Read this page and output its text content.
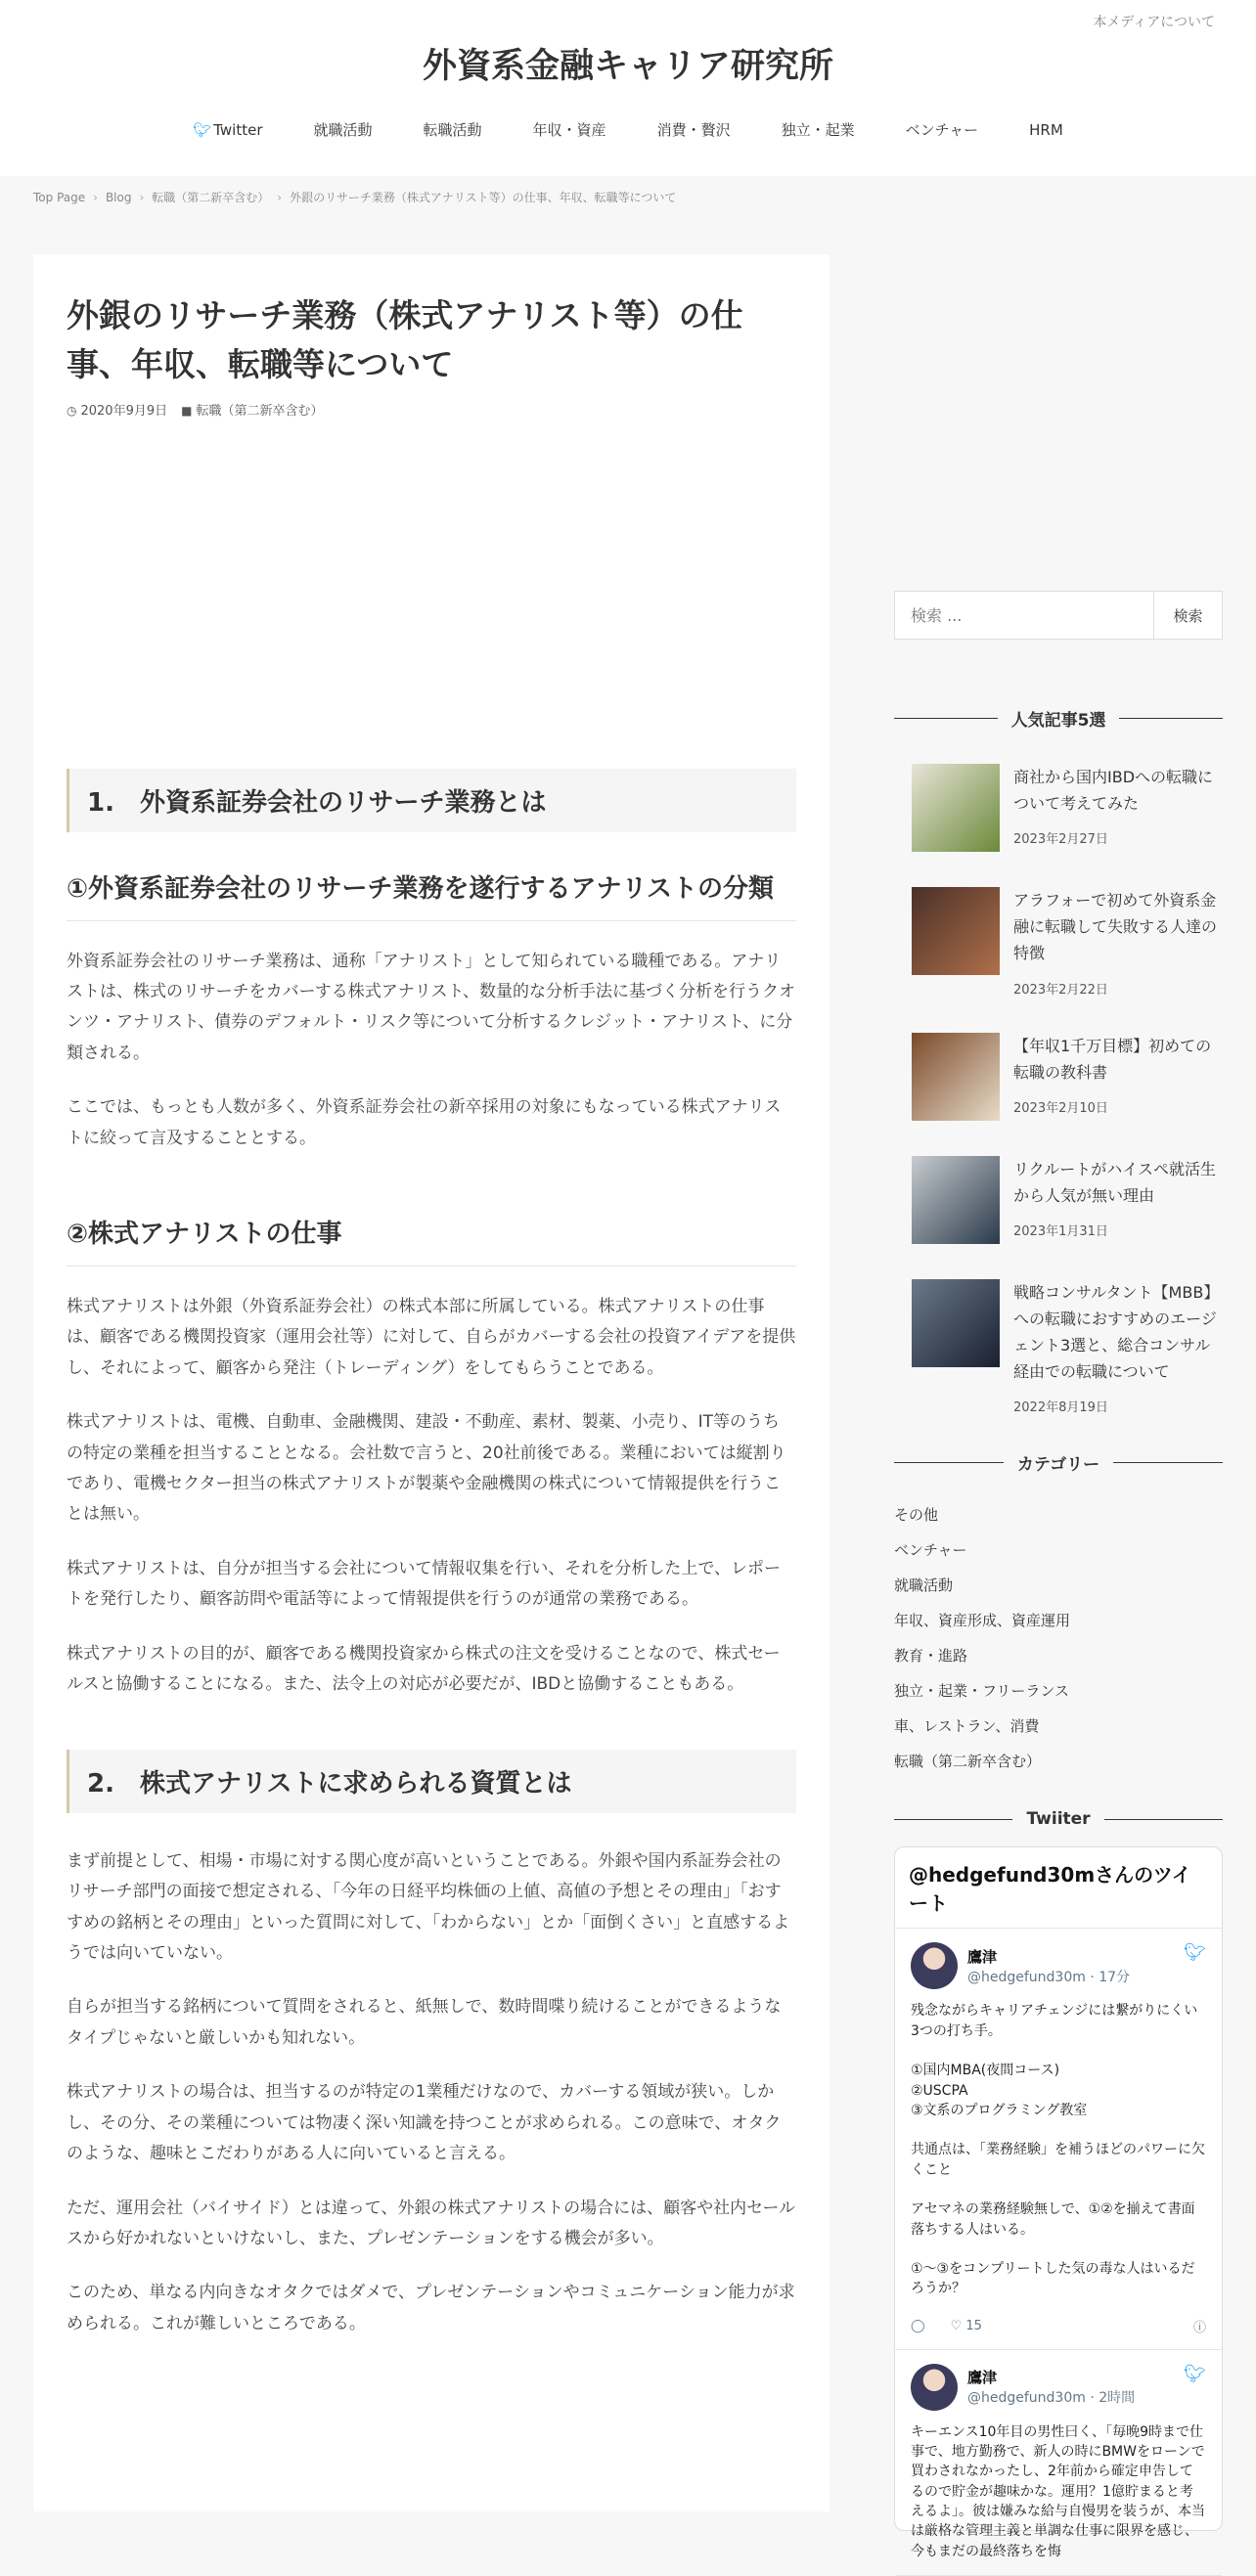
本メディアについて
外資系金融キャリア研究所
🐦︎ Twitter	就職活動	転職活動	年収・資産	消費・贅沢	独立・起業	ベンチャー	HRM
Top Page › Blog › 転職（第二新卒含む） › 外銀のリサーチ業務（株式アナリスト等）の仕事、年収、転職等について
外銀のリサーチ業務（株式アナリスト等）の仕事、年収、転職等について
◷ 2020年9月9日 ■ 転職（第二新卒含む）
1.　外資系証券会社のリサーチ業務とは
①外資系証券会社のリサーチ業務を遂行するアナリストの分類

外資系証券会社のリサーチ業務は、通称「アナリスト」として知られている職種である。アナリストは、株式のリサーチをカバーする株式アナリスト、数量的な分析手法に基づく分析を行うクオンツ・アナリスト、債券のデフォルト・リスク等について分析するクレジット・アナリスト、に分類される。

ここでは、もっとも人数が多く、外資系証券会社の新卒採用の対象にもなっている株式アナリストに絞って言及することとする。

②株式アナリストの仕事

株式アナリストは外銀（外資系証券会社）の株式本部に所属している。株式アナリストの仕事は、顧客である機関投資家（運用会社等）に対して、自らがカバーする会社の投資アイデアを提供し、それによって、顧客から発注（トレーディング）をしてもらうことである。

株式アナリストは、電機、自動車、金融機関、建設・不動産、素材、製薬、小売り、IT等のうちの特定の業種を担当することとなる。会社数で言うと、20社前後である。業種においては縦割りであり、電機セクター担当の株式アナリストが製薬や金融機関の株式について情報提供を行うことは無い。

株式アナリストは、自分が担当する会社について情報収集を行い、それを分析した上で、レポートを発行したり、顧客訪問や電話等によって情報提供を行うのが通常の業務である。

株式アナリストの目的が、顧客である機関投資家から株式の注文を受けることなので、株式セールスと協働することになる。また、法令上の対応が必要だが、IBDと協働することもある。

2.　株式アナリストに求められる資質とは

まず前提として、相場・市場に対する関心度が高いということである。外銀や国内系証券会社のリサーチ部門の面接で想定される、「今年の日経平均株価の上値、高値の予想とその理由」「おすすめの銘柄とその理由」といった質問に対して、「わからない」とか「面倒くさい」と直感するようでは向いていない。

自らが担当する銘柄について質問をされると、紙無しで、数時間喋り続けることができるようなタイプじゃないと厳しいかも知れない。

株式アナリストの場合は、担当するのが特定の1業種だけなので、カバーする領域が狭い。しかし、その分、その業種については物凄く深い知識を持つことが求められる。この意味で、オタクのような、趣味とこだわりがある人に向いていると言える。

ただ、運用会社（バイサイド）とは違って、外銀の株式アナリストの場合には、顧客や社内セールスから好かれないといけないし、また、プレゼンテーションをする機会が多い。

このため、単なる内向きなオタクではダメで、プレゼンテーションやコミュニケーション能力が求められる。これが難しいところである。

検索 ...
検索
人気記事5選
商社から国内IBDへの転職について考えてみた
2023年2月27日
アラフォーで初めて外資系金融に転職して失敗する人達の特徴
2023年2月22日
【年収1千万目標】初めての転職の教科書
2023年2月10日
リクルートがハイスペ就活生から人気が無い理由
2023年1月31日
戦略コンサルタント【MBB】への転職におすすめのエージェント3選と、総合コンサル経由での転職について
2022年8月19日
カテゴリー
その他
ベンチャー
就職活動
年収、資産形成、資産運用
教育・進路
独立・起業・フリーランス
車、レストラン、消費
転職（第二新卒含む）
Twiiter
@hedgefund30mさんのツイート
鷹津
@hedgefund30m · 17分
🐦︎
残念ながらキャリアチェンジには繋がりにくい3つの打ち手。

①国内MBA(夜間コース)
②USCPA
③文系のプログラミング教室

共通点は、「業務経験」を補うほどのパワーに欠くこと

アセマネの業務経験無しで、①②を揃えて書面落ちする人はいる。

①～③をコンプリートした気の毒な人はいるだろうか？
◯ ♡ 15	ⓘ
鷹津
@hedgefund30m · 2時間
🐦︎
キーエンス10年目の男性曰く、「毎晩9時まで仕事で、地方勤務で、新人の時にBMWをローンで買わされなかったし、2年前から確定申告してるので貯金が趣味かな。運用？1億貯まると考えるよ」。彼は嫌みな給与自慢男を装うが、本当は厳格な管理主義と単調な仕事に限界を感じ、今もまだの最終落ちを悔
